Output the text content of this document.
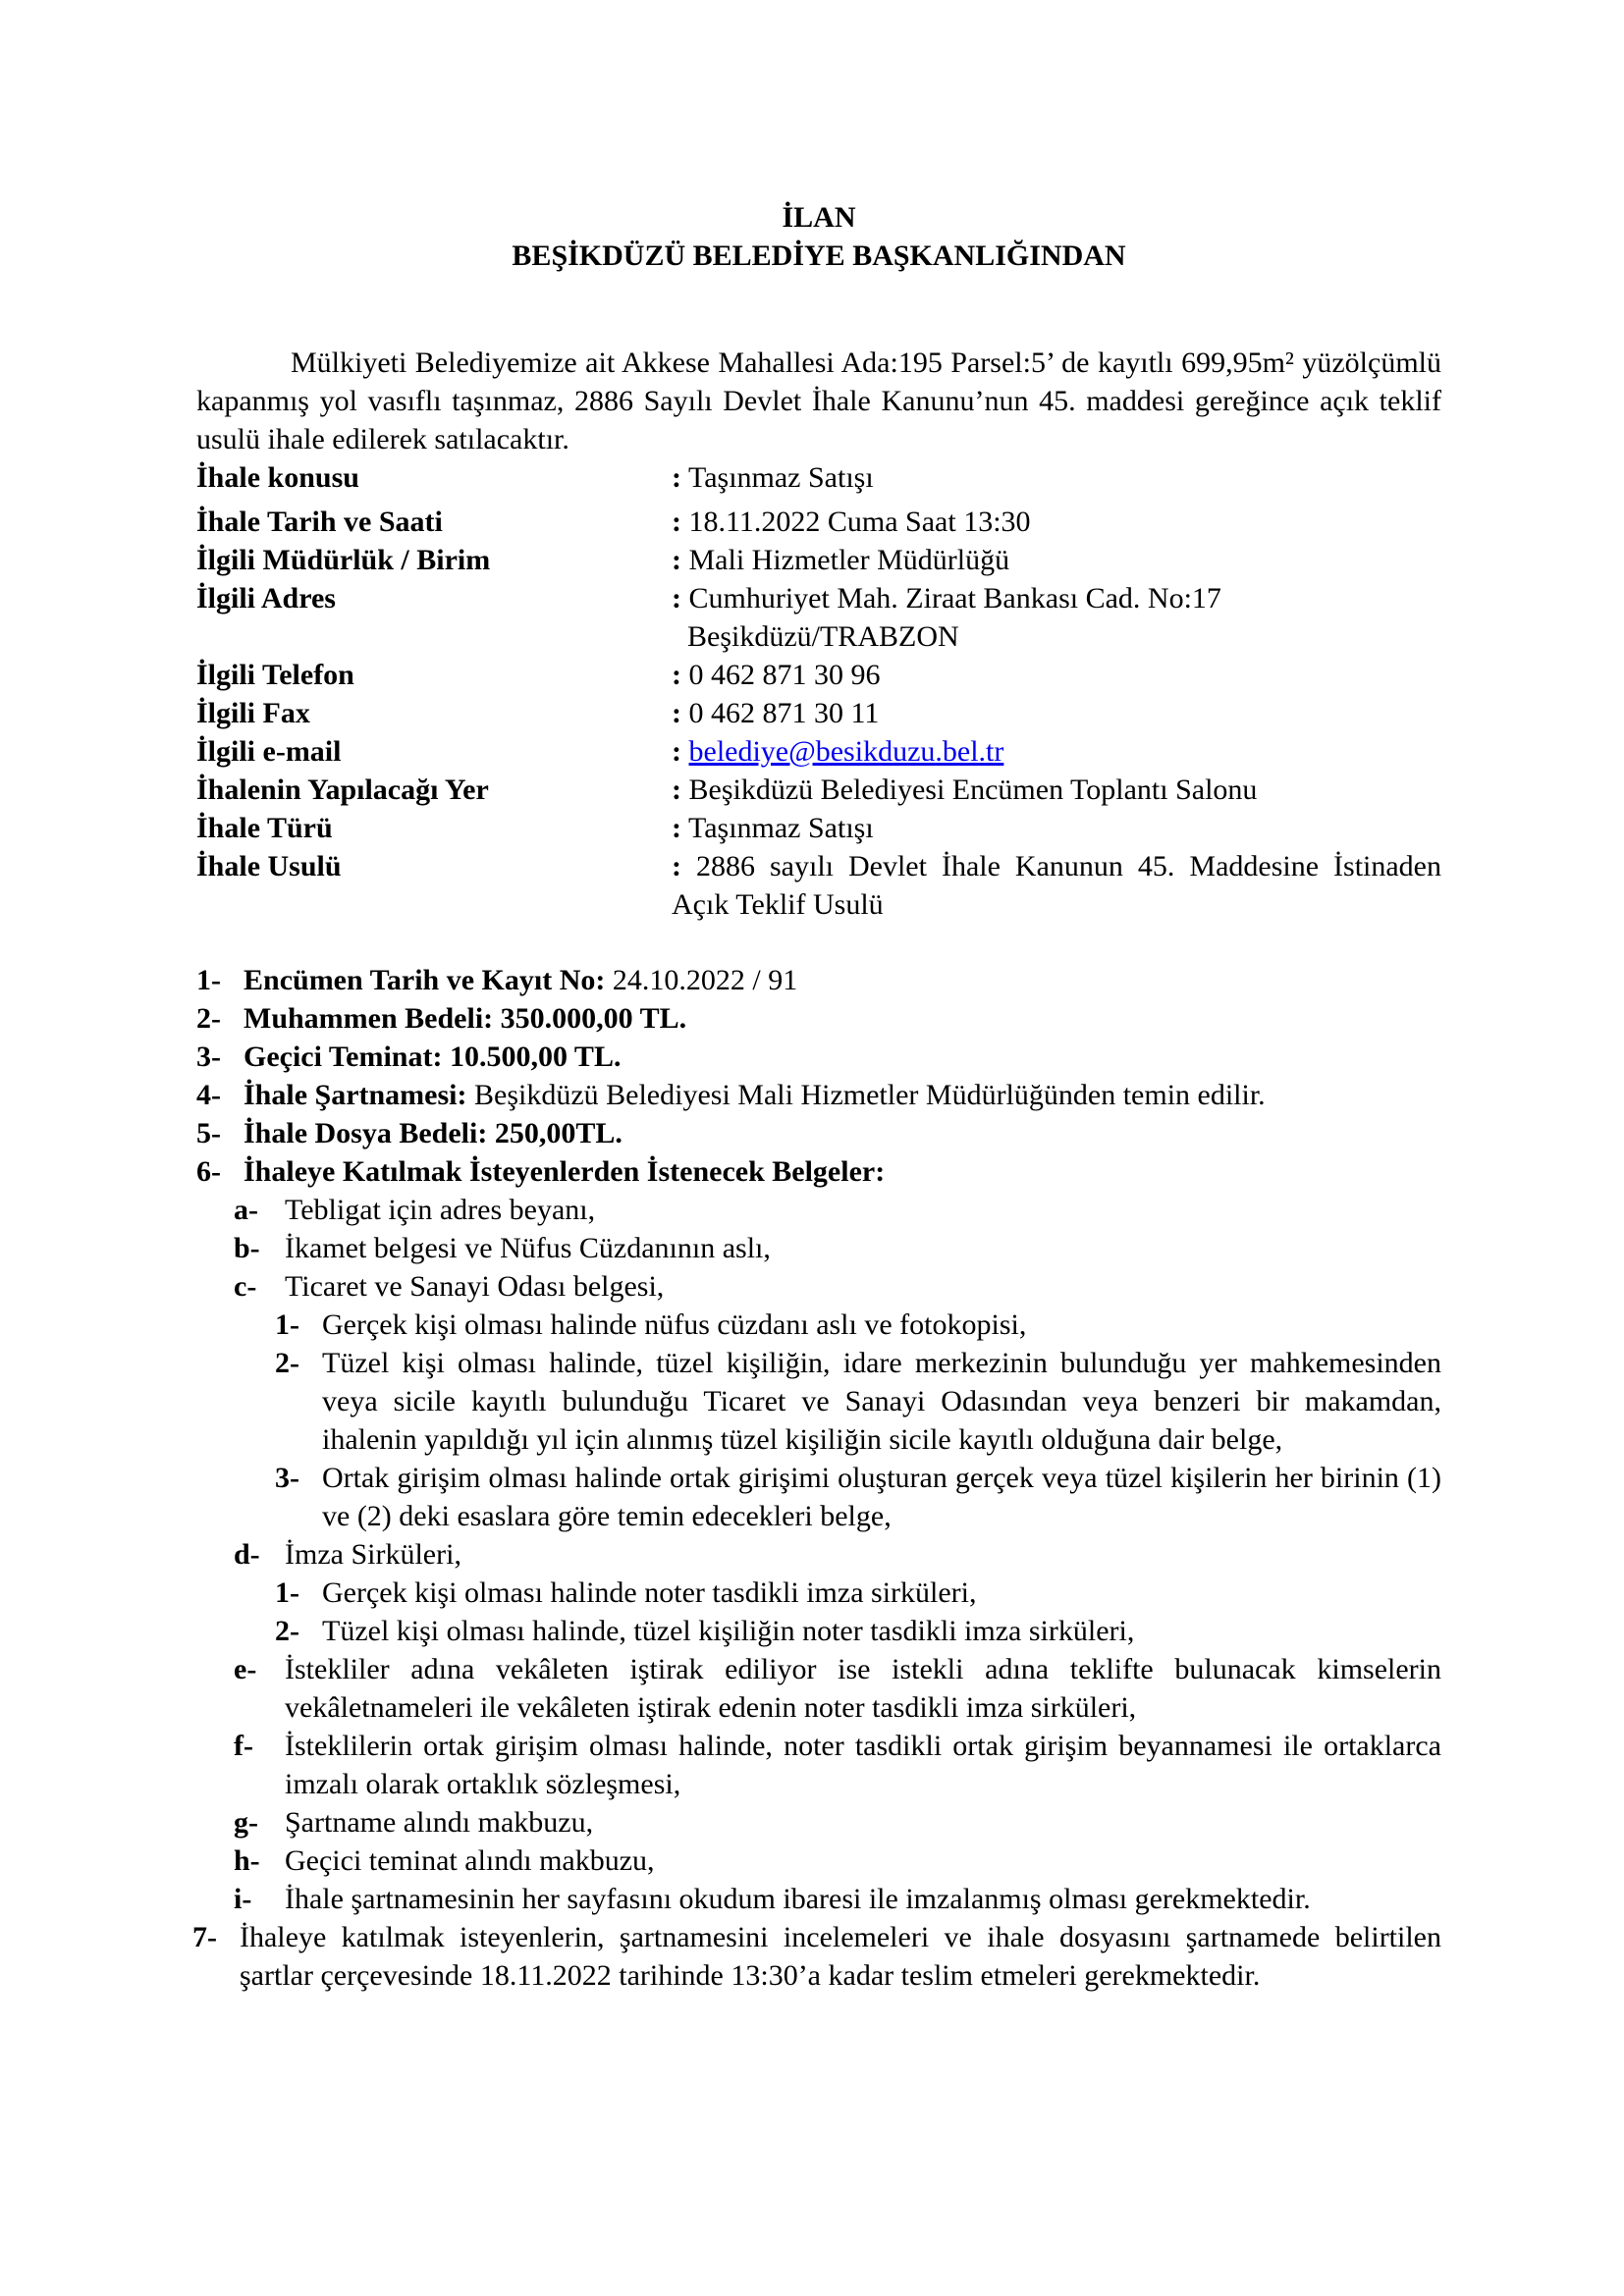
İLAN

BEŞİKDÜZÜ BELEDİYE BAŞKANLIĞINDAN

Mülkiyeti Belediyemize ait Akkese Mahallesi Ada:195 Parsel:5’ de kayıtlı 699,95m² yüzölçümlü kapanmış yol vasıflı taşınmaz, 2886 Sayılı Devlet İhale Kanunu’nun 45. maddesi gereğince açık teklif usulü ihale edilerek satılacaktır.

İhale konusu	: Taşınmaz Satışı
İhale Tarih ve Saati	: 18.11.2022 Cuma Saat 13:30
İlgili Müdürlük / Birim	: Mali Hizmetler Müdürlüğü
İlgili Adres	: Cumhuriyet Mah. Ziraat Bankası Cad. No:17
Beşikdüzü/TRABZON
İlgili Telefon	: 0 462 871 30 96
İlgili Fax	: 0 462 871 30 11
İlgili e-mail	: belediye@besikduzu.bel.tr
İhalenin Yapılacağı Yer	: Beşikdüzü Belediyesi Encümen Toplantı Salonu
İhale Türü	: Taşınmaz Satışı
İhale Usulü	: 2886 sayılı Devlet İhale Kanunun 45. Maddesine İstinaden Açık Teklif Usulü
1- Encümen Tarih ve Kayıt No: 24.10.2022 / 91
2- Muhammen Bedeli: 350.000,00 TL.
3- Geçici Teminat: 10.500,00 TL.
4- İhale Şartnamesi: Beşikdüzü Belediyesi Mali Hizmetler Müdürlüğünden temin edilir.
5- İhale Dosya Bedeli: 250,00TL.
6- İhaleye Katılmak İsteyenlerden İstenecek Belgeler:
a- Tebligat için adres beyanı,
b- İkamet belgesi ve Nüfus Cüzdanının aslı,
c- Ticaret ve Sanayi Odası belgesi,
1- Gerçek kişi olması halinde nüfus cüzdanı aslı ve fotokopisi,
2- Tüzel kişi olması halinde, tüzel kişiliğin, idare merkezinin bulunduğu yer mahkemesinden veya sicile kayıtlı bulunduğu Ticaret ve Sanayi Odasından veya benzeri bir makamdan, ihalenin yapıldığı yıl için alınmış tüzel kişiliğin sicile kayıtlı olduğuna dair belge,
3- Ortak girişim olması halinde ortak girişimi oluşturan gerçek veya tüzel kişilerin her birinin (1) ve (2) deki esaslara göre temin edecekleri belge,
d- İmza Sirküleri,
1- Gerçek kişi olması halinde noter tasdikli imza sirküleri,
2- Tüzel kişi olması halinde, tüzel kişiliğin noter tasdikli imza sirküleri,
e- İstekliler adına vekâleten iştirak ediliyor ise istekli adına teklifte bulunacak kimselerin vekâletnameleri ile vekâleten iştirak edenin noter tasdikli imza sirküleri,
f-	İsteklilerin ortak girişim olması halinde, noter tasdikli ortak girişim beyannamesi ile ortaklarca imzalı olarak ortaklık sözleşmesi,
g- Şartname alındı makbuzu,
h- Geçici teminat alındı makbuzu,
i-	İhale şartnamesinin her sayfasını okudum ibaresi ile imzalanmış olması gerekmektedir.
7- İhaleye katılmak isteyenlerin, şartnamesini incelemeleri ve ihale dosyasını şartnamede belirtilen şartlar çerçevesinde 18.11.2022 tarihinde 13:30’a kadar teslim etmeleri gerekmektedir.
